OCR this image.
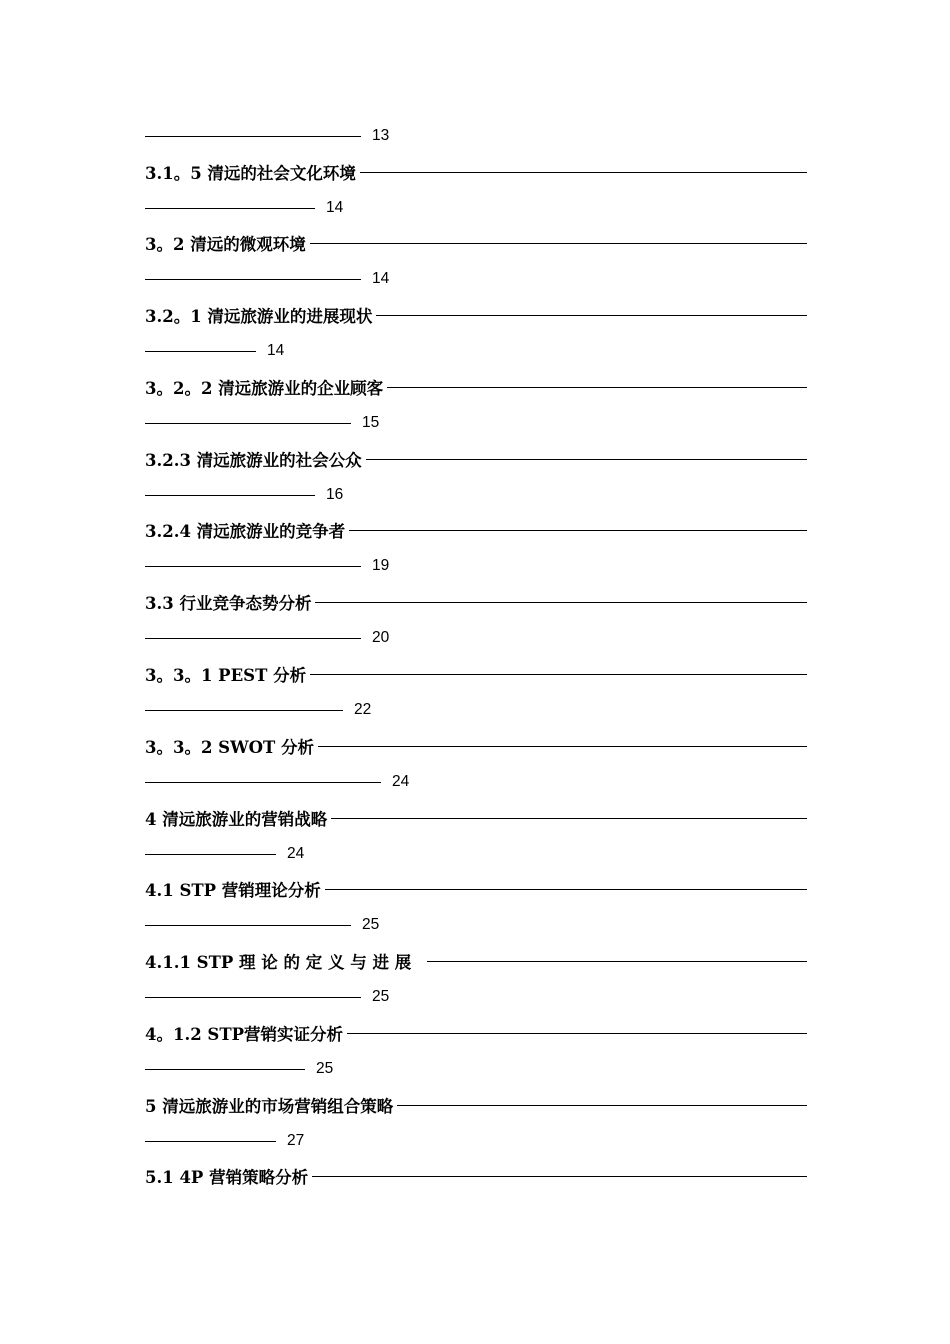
13
3.1。5 清远的社会文化环境
14
3。2 清远的微观环境
14
3.2。1 清远旅游业的进展现状
14
3。2。2 清远旅游业的企业顾客
15
3.2.3 清远旅游业的社会公众
16
3.2.4 清远旅游业的竞争者
19
3.3 行业竞争态势分析
20
3。3。1 PEST 分析
22
3。3。2 SWOT 分析
24
4 清远旅游业的营销战略
24
4.1 STP 营销理论分析
25
4.1.1 STP 理 论 的 定 义 与 进 展
25
4。1.2 STP营销实证分析
25
5 清远旅游业的市场营销组合策略
27
5.1 4P 营销策略分析
